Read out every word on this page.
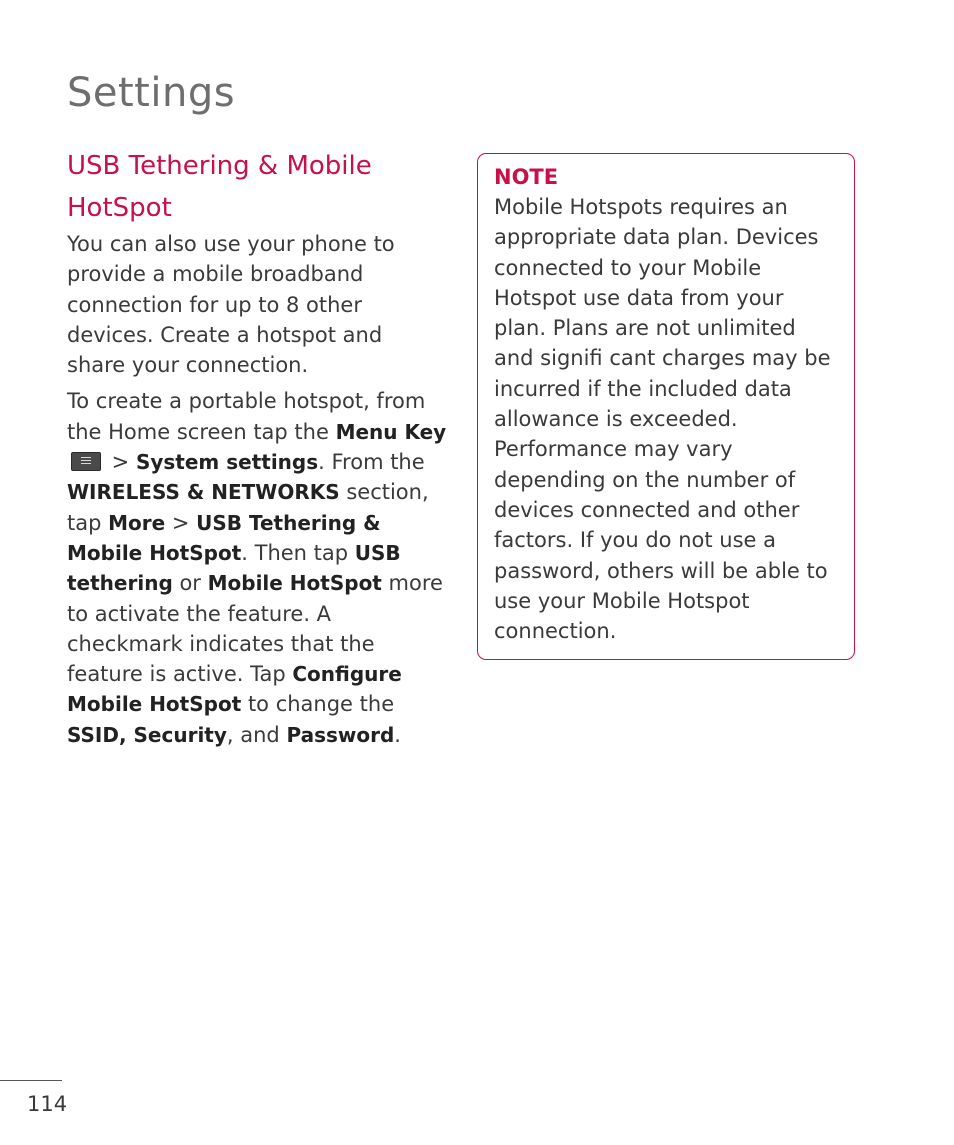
Settings
USB Tethering & Mobile
HotSpot

You can also use your phone to provide a mobile broadband connection for up to 8 other devices. Create a hotspot and share your connection.

To create a portable hotspot, from the Home screen tap the Menu Key
> System settings. From the WIRELESS & NETWORKS section, tap More > USB Tethering & Mobile HotSpot. Then tap USB tethering or Mobile HotSpot more to activate the feature. A checkmark indicates that the feature is active. Tap Configure Mobile HotSpot to change the SSID, Security, and Password.

NOTE

Mobile Hotspots requires an appropriate data plan. Devices connected to your Mobile Hotspot use data from your plan. Plans are not unlimited and signifi cant charges may be incurred if the included data allowance is exceeded. Performance may vary depending on the number of devices connected and other factors. If you do not use a password, others will be able to use your Mobile Hotspot connection.

114
